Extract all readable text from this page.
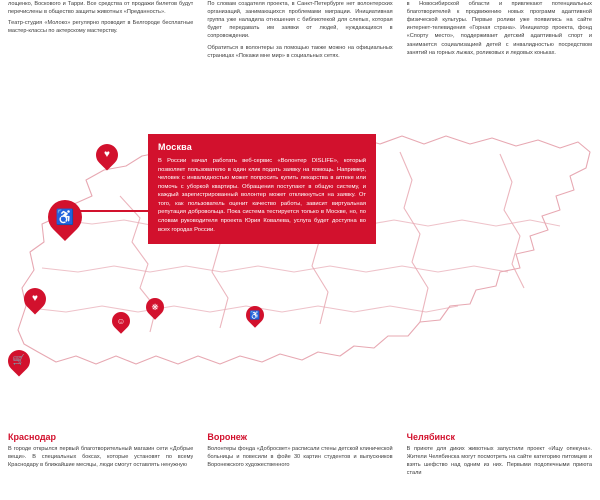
лощенко, Воскового и Тарри. Все средства от продажи билетов будут перечислены в общество защиты животных «Преданность».

Театр-студия «Молоко» регулярно проводит в Белгороде бесплатные мастер-классы по актерскому мастерству.

По словам создателя проекта, в Санкт-Петербурге нет волонтерских организаций, занимающихся проблемами миграции. Инициативная группа уже наладила отношения с библиотекой для слепых, которая будет передавать им заявки от людей, нуждающихся в сопровождении.

Обратиться в волонтеры за помощью также можно на официальных страницах «Покажи мне мир» в социальных сетях.

в Новосибирской области и привлекают потенциальных благотворителей к продвижению новых программ адаптивной физической культуры. Первые ролики уже появились на сайте интернет-телевидения «Горная страна». Инициатор проекта, фонд «Спорту место», поддерживает детский адаптивный спорт и занимается социализацией детей с инвалидностью посредством занятий на горных лыжах, роликовых и ледовых коньках.

Москва
В России начал работать веб-сервис «Волонтер DISLIFE», который позволяет пользователю в один клик подать заявку на помощь. Например, человек с инвалидностью может попросить купить лекарства в аптеке или помочь с уборкой квартиры. Обращения поступают в общую систему, и каждый зарегистрированный волонтер может откликнуться на заявку. От того, как пользователь оценит качество работы, зависит виртуальная репутация добровольца. Пока система тестируется только в Москве, но, по словам руководителя проекта Юрия Ковалева, услуга будет доступна во всех городах России.
♥
♿
♥
🛒
☺
❋
♿
Краснодар
В городе открылся первый благотворительный магазин сети «Добрые вещи». В специальных боксах, которые установят по всему Краснодару в ближайшие месяцы, люди смогут оставлять ненужную
Воронеж
Волонтеры фонда «Добросвет» расписали стены детской клинической больницы и повесили в фойе 30 картин студентов и выпускников Воронежского художественного
Челябинск
В приюте для диких животных запустили проект «Ищу опекуна». Жители Челябинска могут посмотреть на сайте категорию питомцев и взять шефство над одним из них. Первыми подопечными приюта стали
